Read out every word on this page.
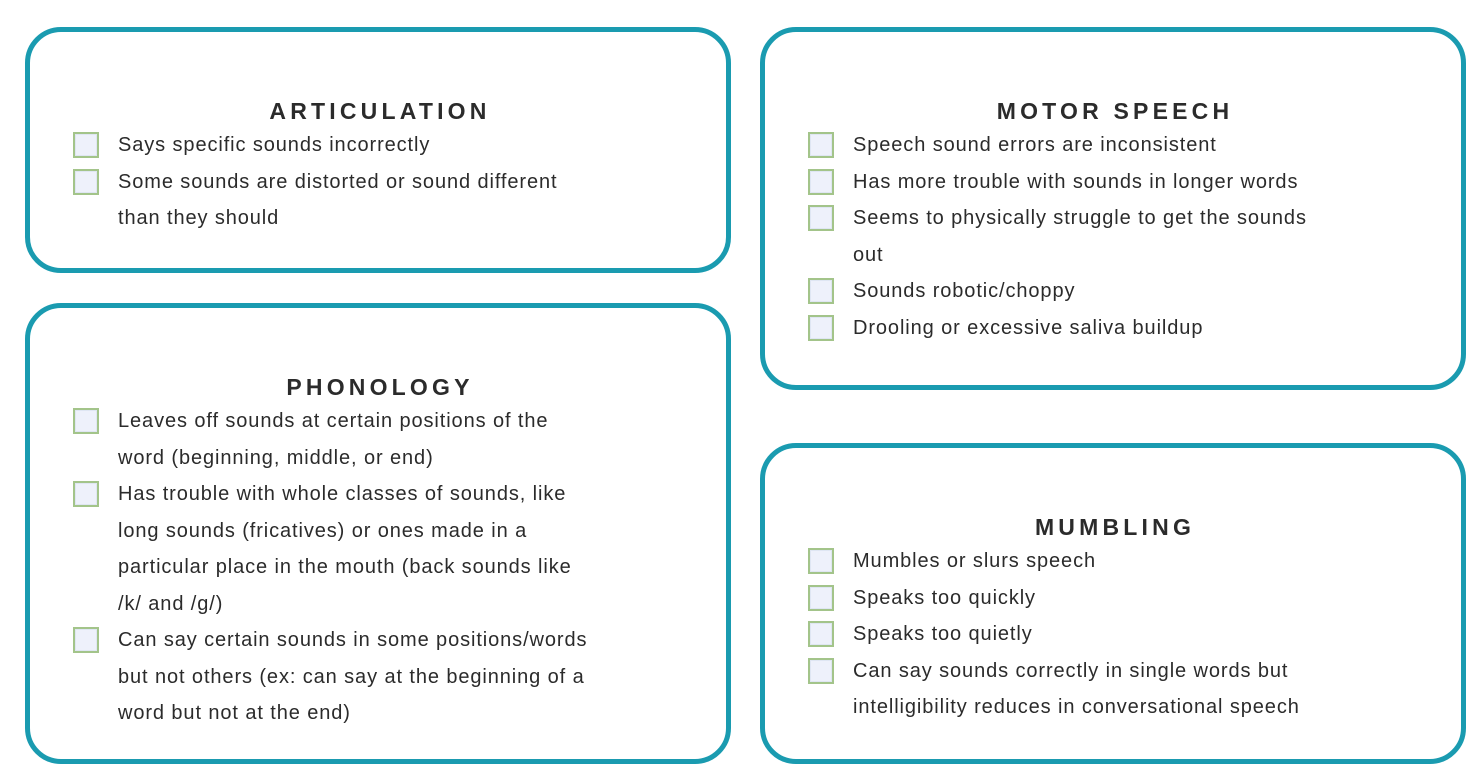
ARTICULATION
Says specific sounds incorrectly
Some sounds are distorted or sound different
than they should
PHONOLOGY
Leaves off sounds at certain positions of the
word (beginning, middle, or end)
Has trouble with whole classes of sounds, like
long sounds (fricatives) or ones made in a
particular place in the mouth (back sounds like
/k/ and /g/)
Can say certain sounds in some positions/words
but not others (ex: can say at the beginning of a
word but not at the end)
MOTOR SPEECH
Speech sound errors are inconsistent
Has more trouble with sounds in longer words
Seems to physically struggle to get the sounds
out
Sounds robotic/choppy
Drooling or excessive saliva buildup
MUMBLING
Mumbles or slurs speech
Speaks too quickly
Speaks too quietly
Can say sounds correctly in single words but
intelligibility reduces in conversational speech
